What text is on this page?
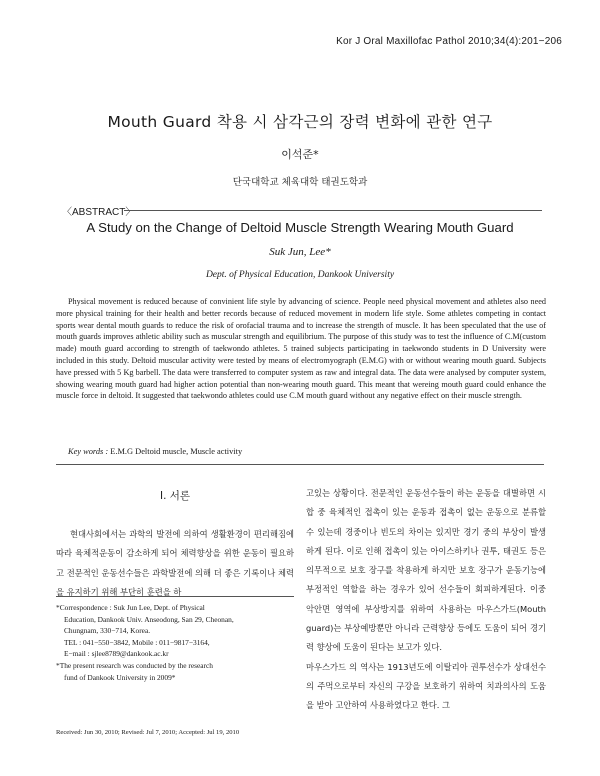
Kor J Oral Maxillofac Pathol 2010;34(4):201−206
Mouth Guard 착용 시 삼각근의 장력 변화에 관한 연구
이석준*
단국대학교 체육대학 태권도학과
〈ABSTRACT〉
A Study on the Change of Deltoid Muscle Strength Wearing Mouth Guard
Suk Jun, Lee*
Dept. of Physical Education, Dankook University

Physical movement is reduced because of convinient life style by advancing of science. People need physical movement and athletes also need more physical training for their health and better records because of reduced movement in modern life style. Some athletes competing in contact sports wear dental mouth guards to reduce the risk of orofacial trauma and to increase the strength of muscle. It has been speculated that the use of mouth guards improves athletic ability such as muscular strength and equilibrium. The purpose of this study was to test the influence of C.M(custom made) mouth guard according to strength of taekwondo athletes. 5 trained subjects participating in taekwondo students in D University were included in this study. Deltoid muscular activity were tested by means of electromyograph (E.M.G) with or without wearing mouth guard. Subjects have pressed with 5 Kg barbell. The data were transferred to computer system as raw and integral data. The data were analysed by computer system, showing wearing mouth guard had higher action potential than non-wearing mouth guard. This meant that wereing mouth guard could enhance the muscle force in deltoid. It suggested that taekwondo athletes could use C.M mouth guard without any negative effect on their muscle strength.

Key words : E.M.G Deltoid muscle, Muscle activity
Ⅰ. 서론

현대사회에서는 과학의 발전에 의하여 생활환경이 편리해짐에 따라 육체적운동이 감소하게 되어 체력향상을 위한 운동이 필요하고 전문적인 운동선수들은 과학발전에 의해 더 좋은 기록이나 체력을 유지하기 위해 부단히 훈련을 하

고있는 상황이다. 전문적인 운동선수들이 하는 운동을 대별하면 시합 중 육체적인 접촉이 있는 운동과 접촉이 없는 운동으로 분류할 수 있는데 경중이나 빈도의 차이는 있지만 경기 중의 부상이 발생하게 된다. 이로 인해 접촉이 있는 아이스하키나 권투, 태권도 등은 의무적으로 보호 장구를 착용하게 하지만 보호 장구가 운동기능에 부정적인 역할을 하는 경우가 있어 선수들이 회피하게된다. 이중 악안면 영역에 부상방지를 위하여 사용하는 마우스가드(Mouth guard)는 부상예방뿐만 아니라 근력향상 등에도 도움이 되어 경기력 향상에 도움이 된다는 보고가 있다.
마우스가드 의 역사는 1913년도에 이탈리아 권투선수가 상대선수의 주먹으로부터 자신의 구강을 보호하기 위하여 치과의사의 도움을 받아 고안하여 사용하였다고 한다. 그

*Correspondence : Suk Jun Lee, Dept. of Physical

Education, Dankook Univ. Anseodong, San 29, Cheonan,

Chungnam, 330−714, Korea.

TEL : 041−550−3842, Mobile : 011−9817−3164,

E−mail : sjlee8789@dankook.ac.kr

*The present research was conducted by the research

fund of Dankook University in 2009*

Received: Jun 30, 2010; Revised: Jul 7, 2010; Accepted: Jul 19, 2010
